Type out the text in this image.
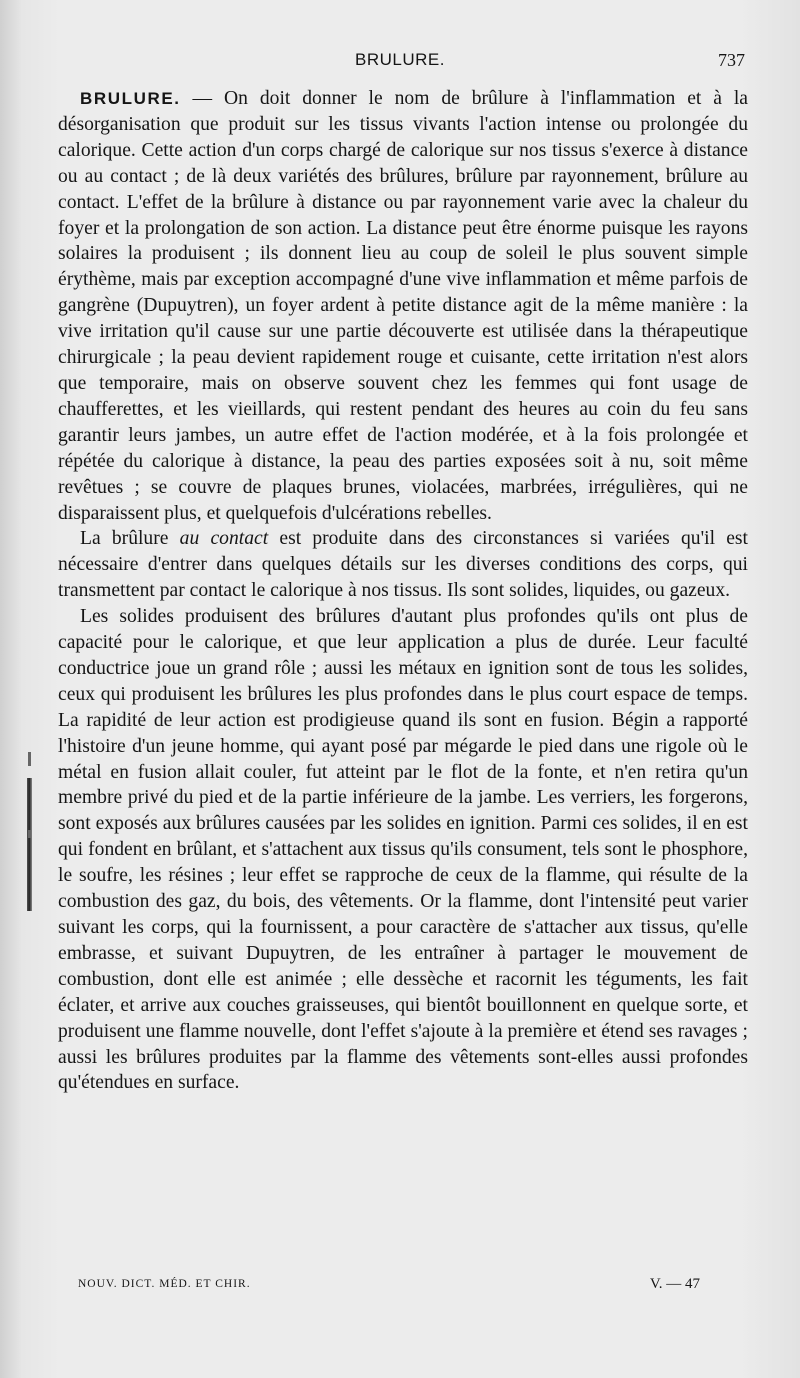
BRULURE.	737

BRULURE. — On doit donner le nom de brûlure à l'inflammation et à la désorganisation que produit sur les tissus vivants l'action intense ou prolongée du calorique. Cette action d'un corps chargé de calorique sur nos tissus s'exerce à distance ou au contact ; de là deux variétés des brûlures, brûlure par rayonnement, brûlure au contact. L'effet de la brûlure à distance ou par rayonnement varie avec la chaleur du foyer et la prolongation de son action. La distance peut être énorme puisque les rayons solaires la produisent ; ils donnent lieu au coup de soleil le plus souvent simple érythème, mais par exception accompagné d'une vive inflammation et même parfois de gangrène (Dupuytren), un foyer ardent à petite distance agit de la même manière : la vive irritation qu'il cause sur une partie découverte est utilisée dans la thérapeutique chirurgicale ; la peau devient rapidement rouge et cuisante, cette irritation n'est alors que temporaire, mais on observe souvent chez les femmes qui font usage de chaufferettes, et les vieillards, qui restent pendant des heures au coin du feu sans garantir leurs jambes, un autre effet de l'action modérée, et à la fois prolongée et répétée du calorique à distance, la peau des parties exposées soit à nu, soit même revêtues ; se couvre de plaques brunes, violacées, marbrées, irrégulières, qui ne disparaissent plus, et quelquefois d'ulcérations rebelles.

La brûlure au contact est produite dans des circonstances si variées qu'il est nécessaire d'entrer dans quelques détails sur les diverses conditions des corps, qui transmettent par contact le calorique à nos tissus. Ils sont solides, liquides, ou gazeux.

Les solides produisent des brûlures d'autant plus profondes qu'ils ont plus de capacité pour le calorique, et que leur application a plus de durée. Leur faculté conductrice joue un grand rôle ; aussi les métaux en ignition sont de tous les solides, ceux qui produisent les brûlures les plus profondes dans le plus court espace de temps. La rapidité de leur action est prodigieuse quand ils sont en fusion. Bégin a rapporté l'histoire d'un jeune homme, qui ayant posé par mégarde le pied dans une rigole où le métal en fusion allait couler, fut atteint par le flot de la fonte, et n'en retira qu'un membre privé du pied et de la partie inférieure de la jambe. Les verriers, les forgerons, sont exposés aux brûlures causées par les solides en ignition. Parmi ces solides, il en est qui fondent en brûlant, et s'attachent aux tissus qu'ils consument, tels sont le phosphore, le soufre, les résines ; leur effet se rapproche de ceux de la flamme, qui résulte de la combustion des gaz, du bois, des vêtements. Or la flamme, dont l'intensité peut varier suivant les corps, qui la fournissent, a pour caractère de s'attacher aux tissus, qu'elle embrasse, et suivant Dupuytren, de les entraîner à partager le mouvement de combustion, dont elle est animée ; elle dessèche et racornit les téguments, les fait éclater, et arrive aux couches graisseuses, qui bientôt bouillonnent en quelque sorte, et produisent une flamme nouvelle, dont l'effet s'ajoute à la première et étend ses ravages ; aussi les brûlures produites par la flamme des vêtements sont-elles aussi profondes qu'étendues en surface.

NOUV. DICT. MÉD. ET CHIR.	V. — 47
